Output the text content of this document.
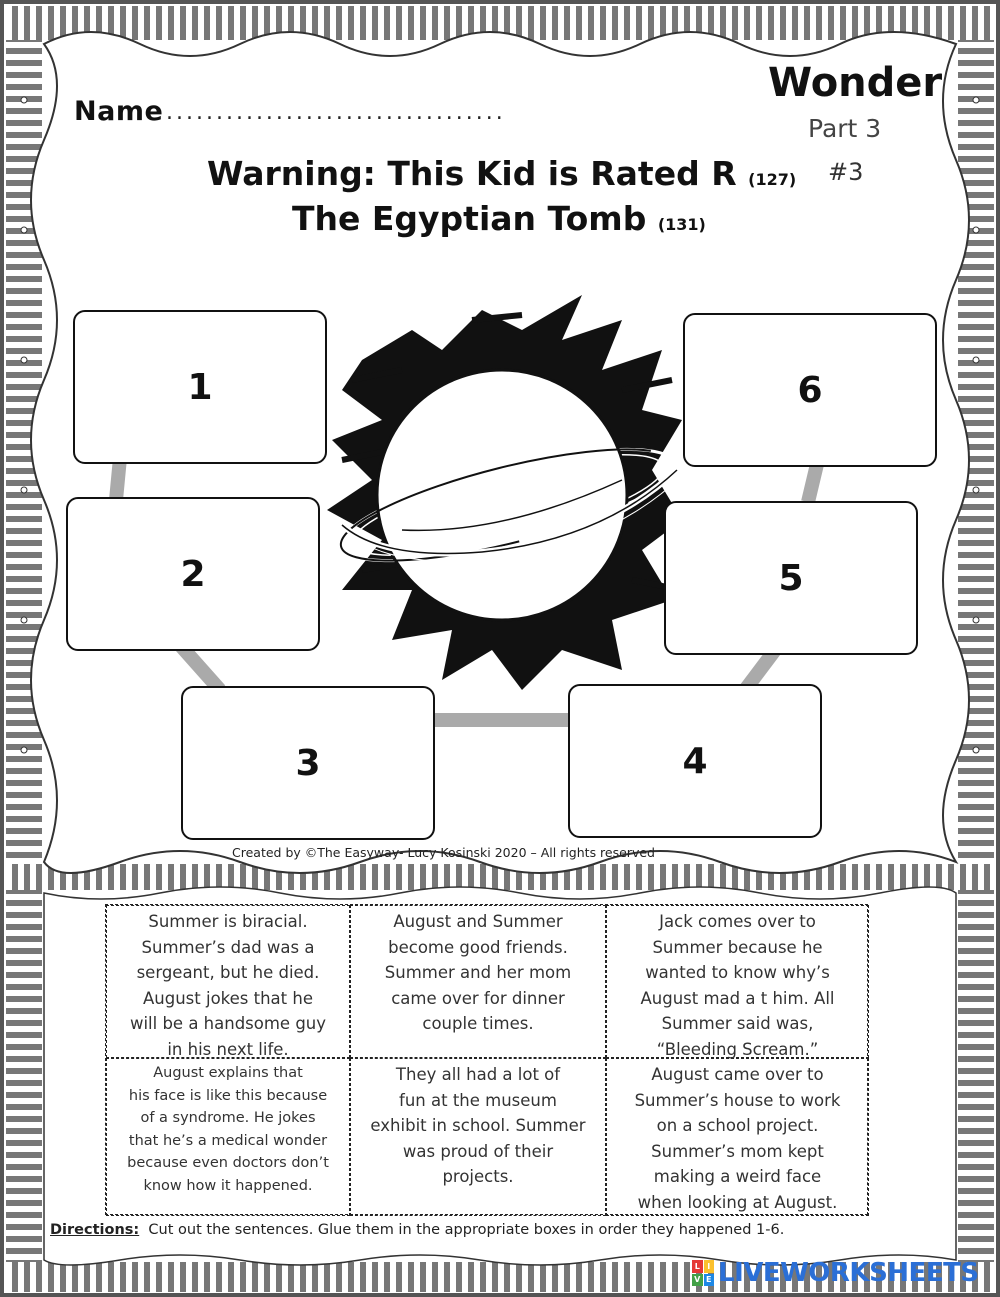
Name ..................................
Wonder
Part 3
#3
Warning: This Kid is Rated R (127)
The Egyptian Tomb (131)
1
2
3	4
5
6
Created by ©The Easyway- Lucy Kosinski 2020 – All rights reserved
Summer is biracial.
Summer’s dad was a
sergeant, but he died.
August jokes that he
will be a handsome guy
in his next life.
August and Summer
become good friends.
Summer and her mom
came over for dinner
couple times.
Jack comes over to
Summer because he
wanted to know why’s
August mad a t him. All
Summer said was,
“Bleeding Scream.”
August explains that
his face is like this because
of a syndrome. He jokes
that he’s a medical wonder
because even doctors don’t
know how it happened.
They all had a lot of
fun at the museum
exhibit in school. Summer
was proud of their
projects.
August came over to
Summer’s house to work
on a school project.
Summer’s mom kept
making a weird face
when looking at August.
Directions: Cut out the sentences. Glue them in the appropriate boxes in order they happened 1-6.
L I
V E LIVEWORKSHEETS
